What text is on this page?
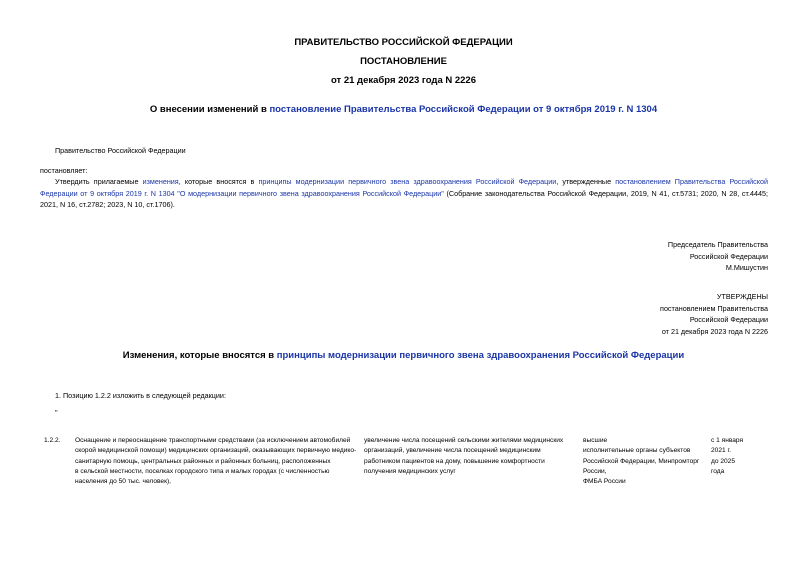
ПРАВИТЕЛЬСТВО РОССИЙСКОЙ ФЕДЕРАЦИИ
ПОСТАНОВЛЕНИЕ
от 21 декабря 2023 года N 2226
О внесении изменений в постановление Правительства Российской Федерации от 9 октября 2019 г. N 1304
Правительство Российской Федерации
постановляет:
Утвердить прилагаемые изменения, которые вносятся в принципы модернизации первичного звена здравоохранения Российской Федерации, утвержденные постановлением Правительства Российской Федерации от 9 октября 2019 г. N 1304 "О модернизации первичного звена здравоохранения Российской Федерации" (Собрание законодательства Российской Федерации, 2019, N 41, ст.5731; 2020, N 28, ст.4445; 2021, N 16, ст.2782; 2023, N 10, ст.1706).
Председатель Правительства
Российской Федерации
М.Мишустин
УТВЕРЖДЕНЫ
постановлением Правительства
Российской Федерации
от 21 декабря 2023 года N 2226
Изменения, которые вносятся в принципы модернизации первичного звена здравоохранения Российской Федерации
1. Позицию 1.2.2 изложить в следующей редакции:
"
1.2.2. Оснащение и переоснащение транспортными средствами (за исключением автомобилей
скорой медицинской помощи) медицинских организаций, оказывающих первичную медико-
санитарную помощь, центральных районных и районных больниц, расположенных
в сельской местности, поселках городского типа и малых городах (с численностью
населения до 50 тыс. человек),
увеличение числа посещений сельскими жителями медицинских
организаций, увеличение числа посещений медицинским
работником пациентов на дому, повышение комфортности
получения медицинских услуг
высшие
исполнительные органы субъектов
Российской Федерации, Минпромторг
России,
ФМБА России
с 1 января
2021 г.
до 2025
года
